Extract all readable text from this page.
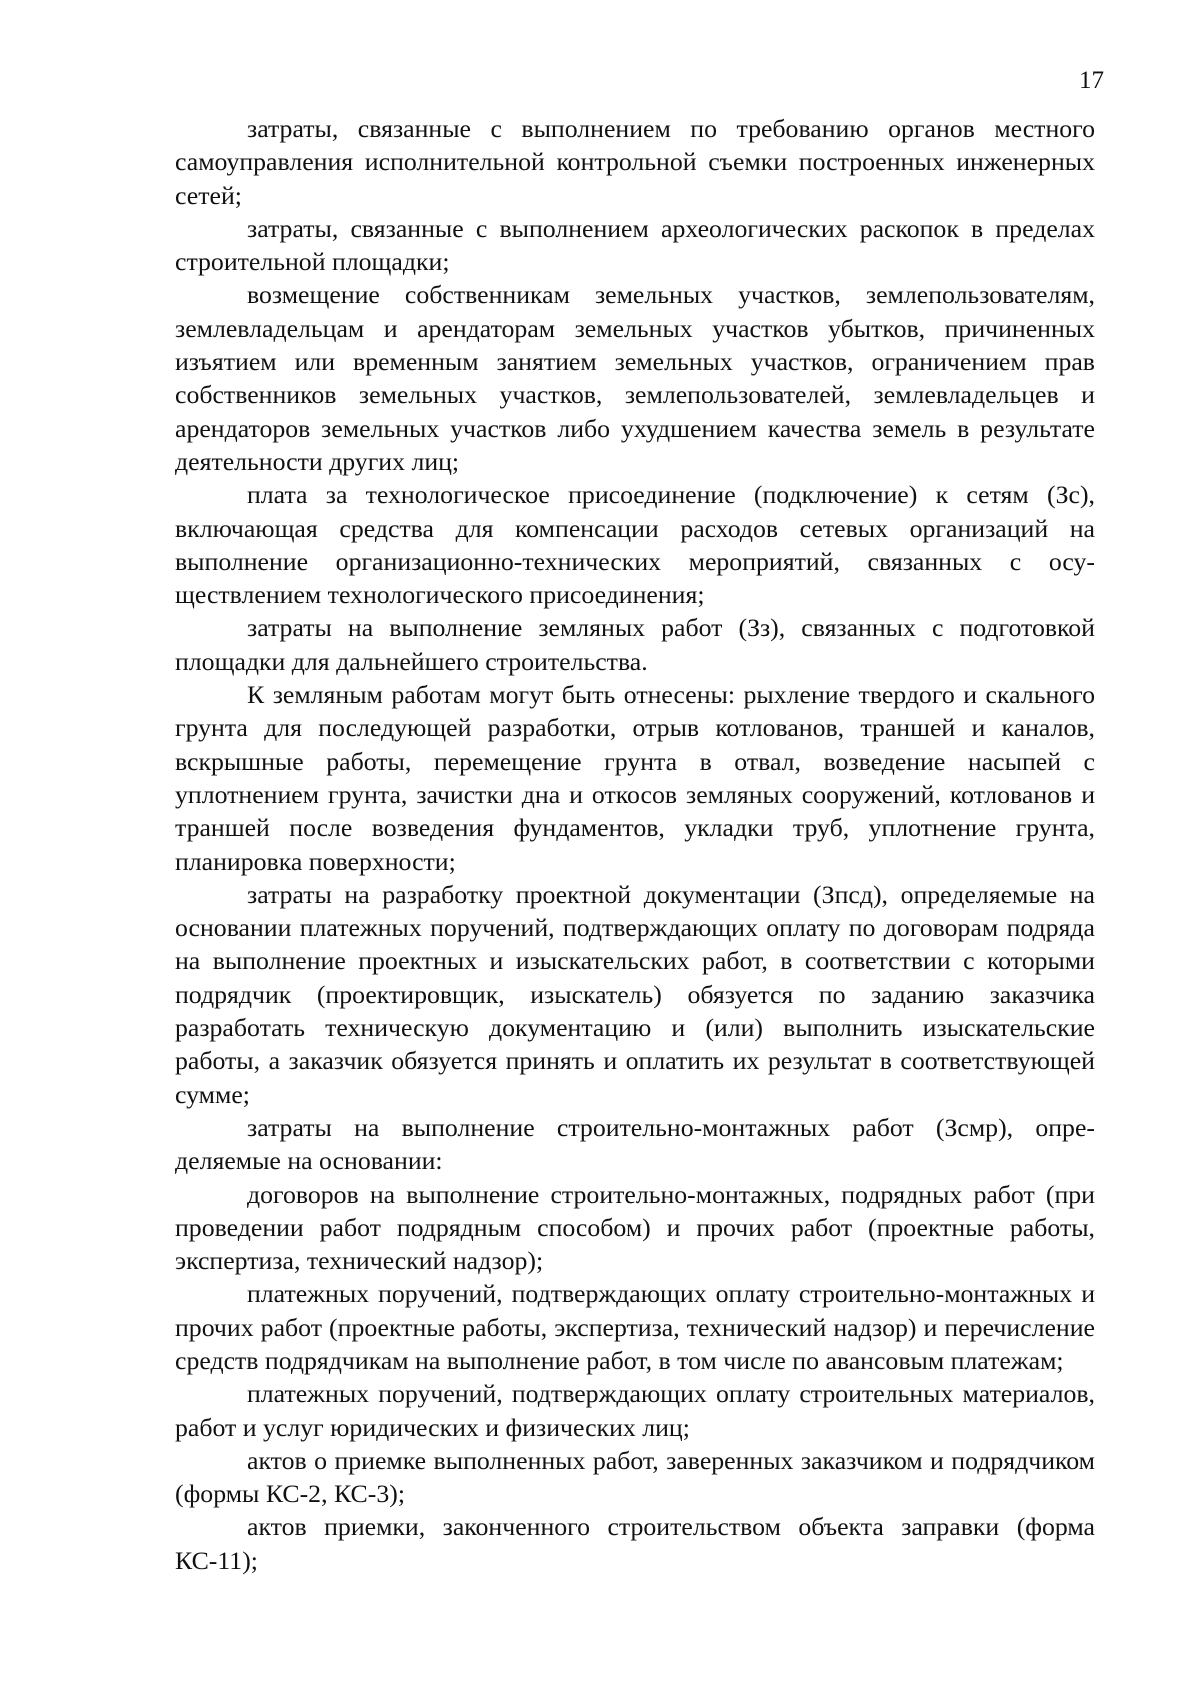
17

затраты, связанные с выполнением по требованию органов местного самоуправления исполнительной контрольной съемки построенных инженерных сетей;

затраты, связанные с выполнением археологических раскопок в пределах строительной площадки;

возмещение собственникам земельных участков, землепользователям, землевладельцам и арендаторам земельных участков убытков, причиненных изъятием или временным занятием земельных участков, ограничением прав собственников земельных участков, землепользователей, землевладельцев и арендаторов земельных участков либо ухудшением качества земель в результате деятельности других лиц;

плата за технологическое присоединение (подключение) к сетям (Зс), включающая средства для компенсации расходов сетевых организаций на выполнение организационно-технических мероприятий, связанных с осуществлением технологического присоединения;

затраты на выполнение земляных работ (Зз), связанных с подготовкой площадки для дальнейшего строительства.

К земляным работам могут быть отнесены: рыхление твердого и скального грунта для последующей разработки, отрыв котлованов, траншей и каналов, вскрышные работы, перемещение грунта в отвал, возведение насыпей с уплотнением грунта, зачистки дна и откосов земляных сооружений, котлованов и траншей после возведения фундаментов, укладки труб, уплотнение грунта, планировка поверхности;

затраты на разработку проектной документации (Зпсд), определяемые на основании платежных поручений, подтверждающих оплату по договорам подряда на выполнение проектных и изыскательских работ, в соответствии с которыми подрядчик (проектировщик, изыскатель) обязуется по заданию заказчика разработать техническую документацию и (или) выполнить изыскательские работы, а заказчик обязуется принять и оплатить их результат в соответствующей сумме;

затраты на выполнение строительно-монтажных работ (Зсмр), определяемые на основании:

договоров на выполнение строительно-монтажных, подрядных работ (при проведении работ подрядным способом) и прочих работ (проектные работы, экспертиза, технический надзор);

платежных поручений, подтверждающих оплату строительно-монтажных и прочих работ (проектные работы, экспертиза, технический надзор) и перечисление средств подрядчикам на выполнение работ, в том числе по авансовым платежам;

платежных поручений, подтверждающих оплату строительных материалов, работ и услуг юридических и физических лиц;

актов о приемке выполненных работ, заверенных заказчиком и подрядчиком (формы КС-2, КС-3);

актов приемки, законченного строительством объекта заправки (форма КС-11);
